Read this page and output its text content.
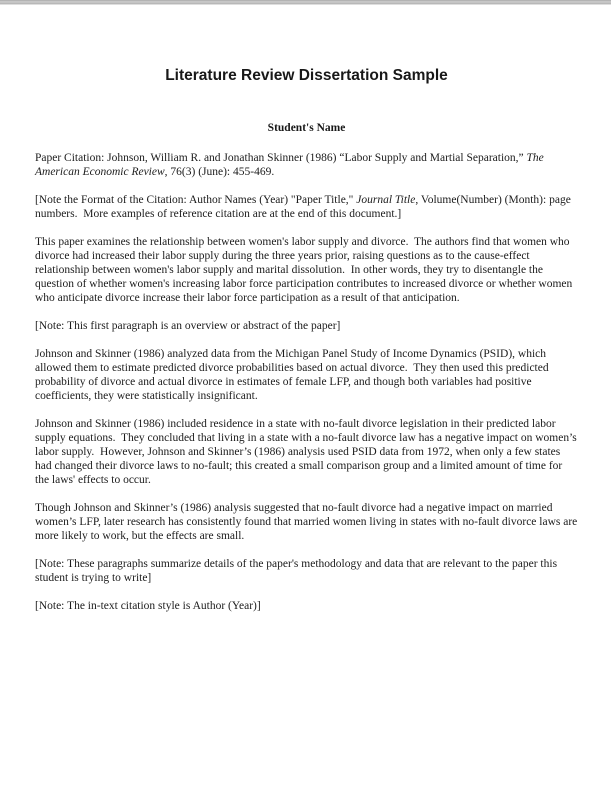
Literature Review Dissertation Sample
Student's Name

Paper Citation: Johnson, William R. and Jonathan Skinner (1986) “Labor Supply and Martial Separation,” The American Economic Review, 76(3) (June): 455-469.

[Note the Format of the Citation: Author Names (Year) "Paper Title," Journal Title, Volume(Number) (Month): page numbers.  More examples of reference citation are at the end of this document.]

This paper examines the relationship between women's labor supply and divorce.  The authors find that women who divorce had increased their labor supply during the three years prior, raising questions as to the cause-effect relationship between women's labor supply and marital dissolution.  In other words, they try to disentangle the question of whether women's increasing labor force participation contributes to increased divorce or whether women who anticipate divorce increase their labor force participation as a result of that anticipation.

[Note: This first paragraph is an overview or abstract of the paper]

Johnson and Skinner (1986) analyzed data from the Michigan Panel Study of Income Dynamics (PSID), which allowed them to estimate predicted divorce probabilities based on actual divorce.  They then used this predicted probability of divorce and actual divorce in estimates of female LFP, and though both variables had positive coefficients, they were statistically insignificant.

Johnson and Skinner (1986) included residence in a state with no-fault divorce legislation in their predicted labor supply equations.  They concluded that living in a state with a no-fault divorce law has a negative impact on women’s labor supply.  However, Johnson and Skinner’s (1986) analysis used PSID data from 1972, when only a few states had changed their divorce laws to no-fault; this created a small comparison group and a limited amount of time for the laws' effects to occur.

Though Johnson and Skinner’s (1986) analysis suggested that no-fault divorce had a negative impact on married women’s LFP, later research has consistently found that married women living in states with no-fault divorce laws are more likely to work, but the effects are small.

[Note: These paragraphs summarize details of the paper's methodology and data that are relevant to the paper this student is trying to write]

[Note: The in-text citation style is Author (Year)]
